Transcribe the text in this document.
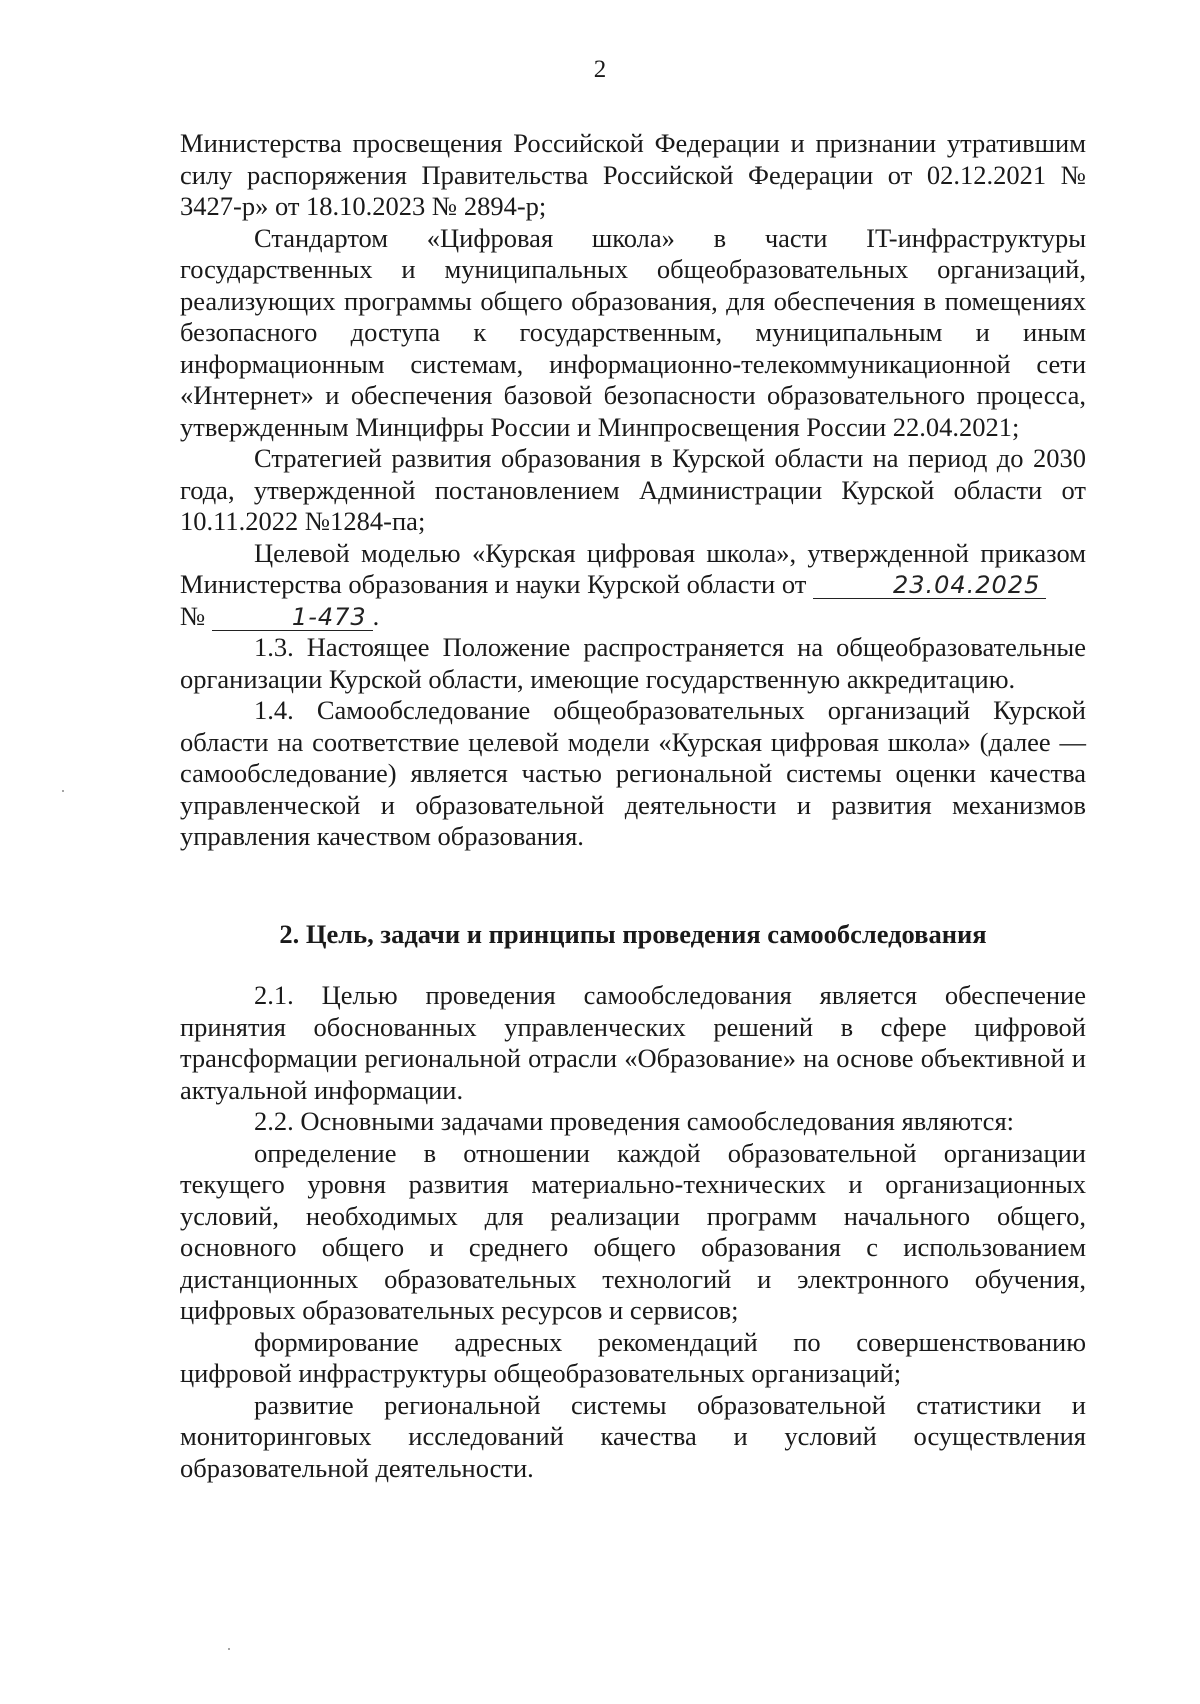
2

Министерства просвещения Российской Федерации и признании утратившим силу распоряжения Правительства Российской Федерации от 02.12.2021 № 3427-р» от 18.10.2023 № 2894-р;

Стандартом «Цифровая школа» в части IT-инфраструктуры государственных и муниципальных общеобразовательных организаций, реализующих программы общего образования, для обеспечения в помещениях безопасного доступа к государственным, муниципальным и иным информационным системам, информационно-телекоммуникационной сети «Интернет» и обеспечения базовой безопасности образовательного процесса, утвержденным Минцифры России и Минпросвещения России 22.04.2021;

Стратегией развития образования в Курской области на период до 2030 года, утвержденной постановлением Администрации Курской области от 10.11.2022 №1284-па;

Целевой моделью «Курская цифровая школа», утвержденной приказом Министерства образования и науки Курской области от	23.04.2025
№	1-473 .

1.3. Настоящее Положение распространяется на общеобразовательные организации Курской области, имеющие государственную аккредитацию.

1.4. Самообследование общеобразовательных организаций Курской области на соответствие целевой модели «Курская цифровая школа» (далее — самообследование) является частью региональной системы оценки качества управленческой и образовательной деятельности и развития механизмов управления качеством образования.

2. Цель, задачи и принципы проведения самообследования

2.1. Целью проведения самообследования является обеспечение принятия обоснованных управленческих решений в сфере цифровой трансформации региональной отрасли «Образование» на основе объективной и актуальной информации.

2.2. Основными задачами проведения самообследования являются:

определение в отношении каждой образовательной организации текущего уровня развития материально-технических и организационных условий, необходимых для реализации программ начального общего, основного общего и среднего общего образования с использованием дистанционных образовательных технологий и электронного обучения, цифровых образовательных ресурсов и сервисов;

формирование адресных рекомендаций по совершенствованию цифровой инфраструктуры общеобразовательных организаций;

развитие региональной системы образовательной статистики и мониторинговых исследований качества и условий осуществления образовательной деятельности.
